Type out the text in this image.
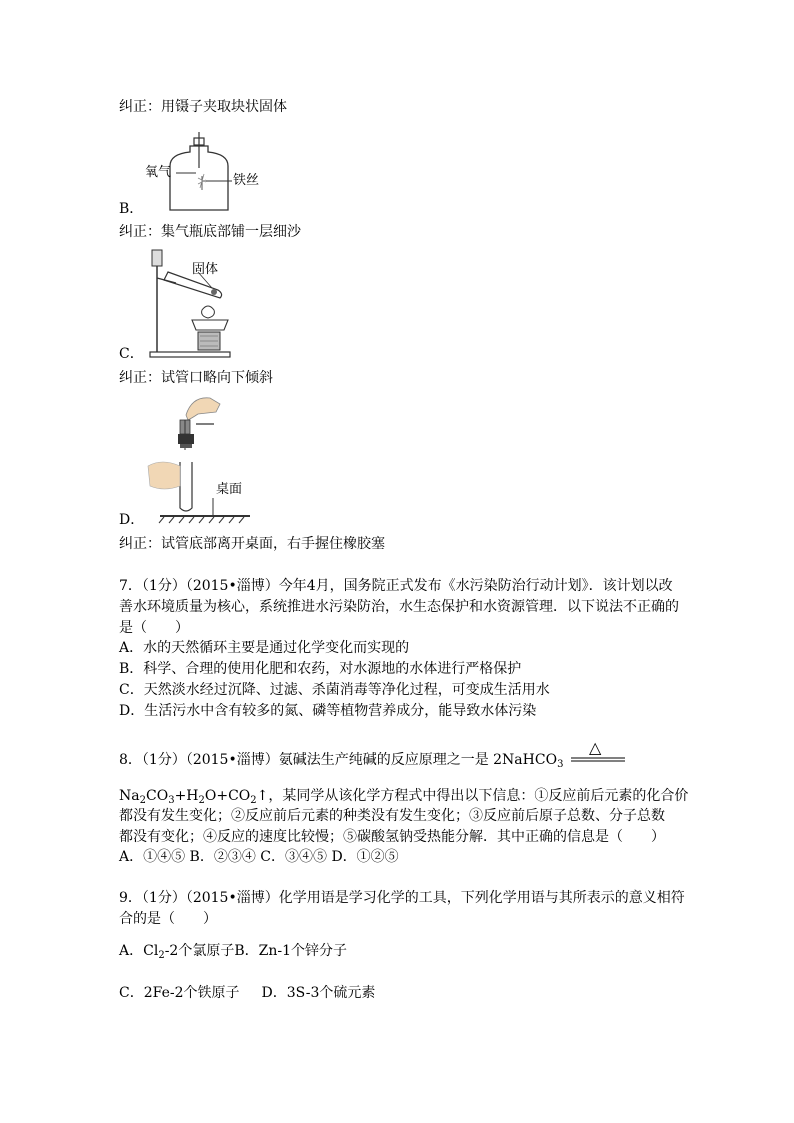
纠正：用镊子夹取块状固体
氧气
铁丝
B．
纠正：集气瓶底部铺一层细沙
固体
C．
纠正：试管口略向下倾斜
桌面
D．
纠正：试管底部离开桌面，右手握住橡胶塞
7．（1分）（2015•淄博）今年4月，国务院正式发布《水污染防治行动计划》．该计划以改
善水环境质量为核心，系统推进水污染防治，水生态保护和水资源管理．以下说法不正确的
是（　　）
A．水的天然循环主要是通过化学变化而实现的
B．科学、合理的使用化肥和农药，对水源地的水体进行严格保护
C．天然淡水经过沉降、过滤、杀菌消毒等净化过程，可变成生活用水
D．生活污水中含有较多的氮、磷等植物营养成分，能导致水体污染
8．（1分）（2015•淄博）氨碱法生产纯碱的反应原理之一是 2NaHCO$_3$
△
$Na_2CO_3+H_2O+CO_2↑$，某同学从该化学方程式中得出以下信息：①反应前后元素的化合价
都没有发生变化；②反应前后元素的种类没有发生变化；③反应前后原子总数、分子总数
都没有变化；④反应的速度比较慢；⑤碳酸氢钠受热能分解．其中正确的信息是（　　）
A．①④⑤ B．②③④ C．③④⑤ D．①②⑤
9．（1分）（2015•淄博）化学用语是学习化学的工具，下列化学用语与其所表示的意义相符
合的是（　　）
A．$Cl_2-2$个氯原子B．Zn-1个锌分子
C．2Fe-2个铁原子 D．3S-3个硫元素
